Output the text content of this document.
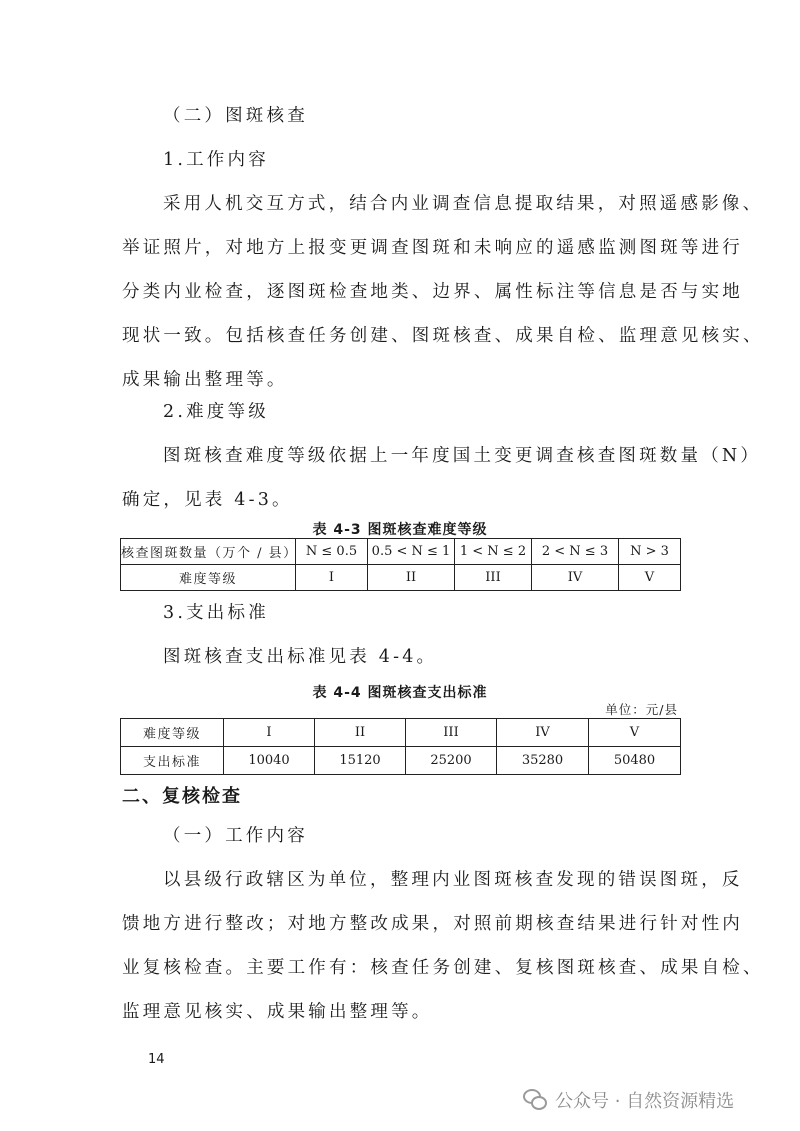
（二）图斑核查
1.工作内容
采用人机交互方式，结合内业调查信息提取结果，对照遥感影像、
举证照片，对地方上报变更调查图斑和未响应的遥感监测图斑等进行
分类内业检查，逐图斑检查地类、边界、属性标注等信息是否与实地
现状一致。包括核查任务创建、图斑核查、成果自检、监理意见核实、
成果输出整理等。
2.难度等级
图斑核查难度等级依据上一年度国土变更调查核查图斑数量（N）
确定，见表 4-3。
表 4-3 图斑核查难度等级
核查图斑数量（万个 / 县）	N ≤ 0.5	0.5 < N ≤ 1	1 < N ≤ 2	2 < N ≤ 3	N > 3
难度等级	I	II	III	IV	V
3.支出标准
图斑核查支出标准见表 4-4。
表 4-4 图斑核查支出标准
单位：元/县
难度等级	I	II	III	IV	V
支出标准	10040	15120	25200	35280	50480
二、复核检查
（一）工作内容
以县级行政辖区为单位，整理内业图斑核查发现的错误图斑，反
馈地方进行整改；对地方整改成果，对照前期核查结果进行针对性内
业复核检查。主要工作有：核查任务创建、复核图斑核查、成果自检、
监理意见核实、成果输出整理等。
14
公众号 · 自然资源精选
